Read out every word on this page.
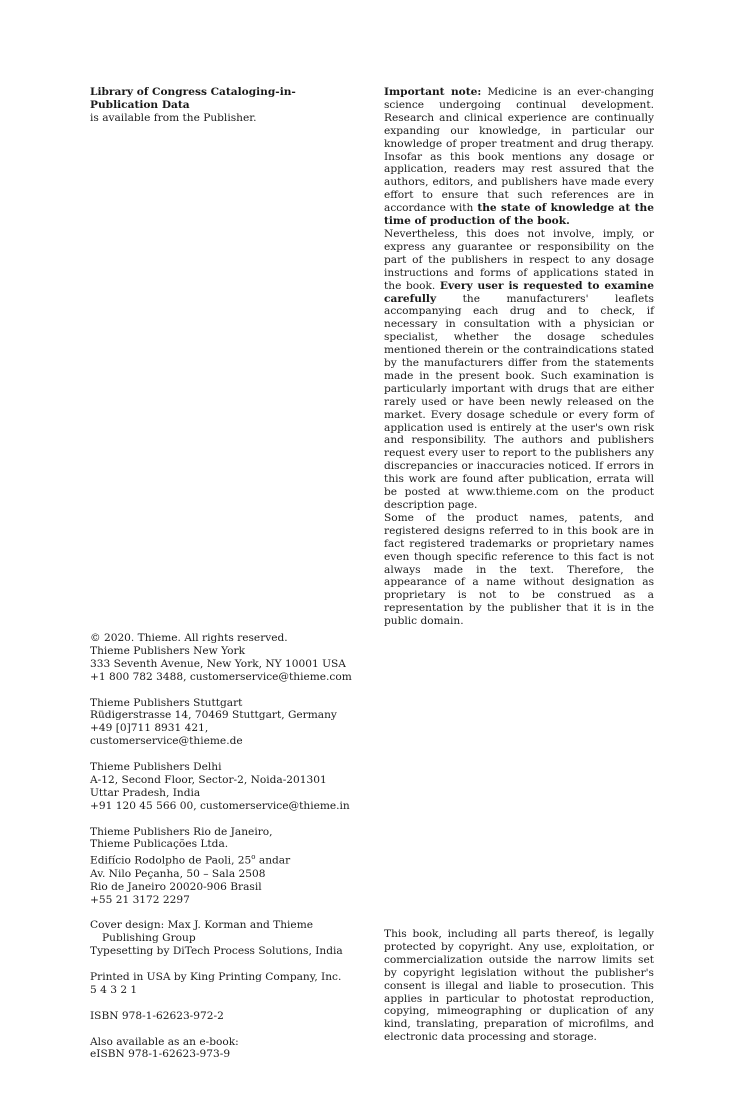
Library of Congress Cataloging-in-Publication Data

is available from the Publisher.

Important note: Medicine is an ever-changing science undergoing continual development. Research and clinical experience are continually expanding our knowledge, in particular our knowledge of proper treatment and drug therapy. Insofar as this book mentions any dosage or application, readers may rest assured that the authors, editors, and publishers have made every effort to ensure that such references are in accordance with the state of knowledge at the time of production of the book.

Nevertheless, this does not involve, imply, or express any guarantee or responsibility on the part of the publishers in respect to any dosage instructions and forms of applications stated in the book. Every user is requested to examine carefully the manufacturers' leaflets accompanying each drug and to check, if necessary in consultation with a physician or specialist, whether the dosage schedules mentioned therein or the contraindications stated by the manufacturers differ from the statements made in the present book. Such examination is particularly important with drugs that are either rarely used or have been newly released on the market. Every dosage schedule or every form of application used is entirely at the user's own risk and responsibility. The authors and publishers request every user to report to the publishers any discrepancies or inaccuracies noticed. If errors in this work are found after publication, errata will be posted at www.thieme.com on the product description page.

Some of the product names, patents, and registered designs referred to in this book are in fact registered trademarks or proprietary names even though specific reference to this fact is not always made in the text. Therefore, the appearance of a name without designation as proprietary is not to be construed as a representation by the publisher that it is in the public domain.

© 2020. Thieme. All rights reserved.

Thieme Publishers New York

333 Seventh Avenue, New York, NY 10001 USA

+1 800 782 3488, customerservice@thieme.com

Thieme Publishers Stuttgart

Rüdigerstrasse 14, 70469 Stuttgart, Germany

+49 [0]711 8931 421, customerservice@thieme.de

Thieme Publishers Delhi

A-12, Second Floor, Sector-2, Noida-201301

Uttar Pradesh, India

+91 120 45 566 00, customerservice@thieme.in

Thieme Publishers Rio de Janeiro,

Thieme Publicações Ltda.

Edifício Rodolpho de Paoli, 25$^o$ andar

Av. Nilo Peçanha, 50 – Sala 2508

Rio de Janeiro 20020-906 Brasil

+55 21 3172 2297

Cover design: Max J. Korman and Thieme

Publishing Group

Typesetting by DiTech Process Solutions, India

Printed in USA by King Printing Company, Inc.5 4 3 2 1

ISBN 978-1-62623-972-2

Also available as an e-book:

eISBN 978-1-62623-973-9

This book, including all parts thereof, is legally protected by copyright. Any use, exploitation, or commercialization outside the narrow limits set by copyright legislation without the publisher's consent is illegal and liable to prosecution. This applies in particular to photostat reproduction, copying, mimeographing or duplication of any kind, translating, preparation of microfilms, and electronic data processing and storage.
